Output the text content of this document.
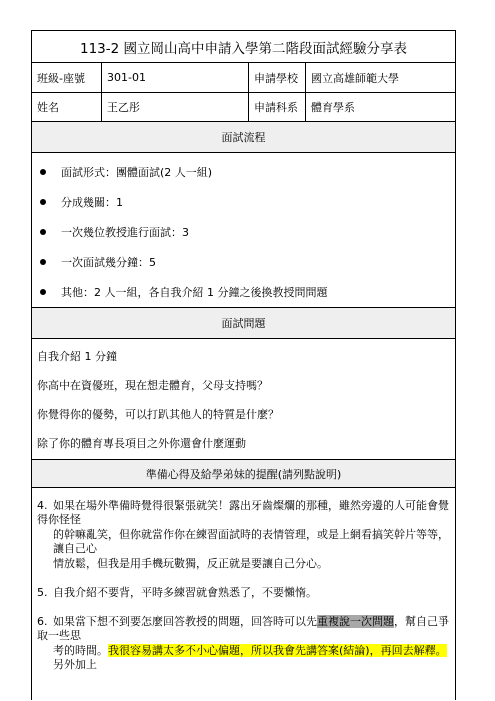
113-2 國立岡山高中申請入學第二階段面試經驗分享表
班級-座號	301-01	申請學校	國立高雄師範大學
姓名	王乙彤	申請科系	體育學系
面試流程
面試形式：團體面試(2 人一組)
分成幾關：1
一次幾位教授進行面試：3
一次面試幾分鐘：5
其他：2 人一組，各自我介紹 1 分鐘之後換教授問問題
面試問題
自我介紹 1 分鐘
你高中在資優班，現在想走體育，父母支持嗎？
你覺得你的優勢，可以打趴其他人的特質是什麼？
除了你的體育專長項目之外你還會什麼運動
準備心得及給學弟妹的提醒(請列點說明)
4. 如果在場外準備時覺得很緊張就笑！露出牙齒燦爛的那種，雖然旁邊的人可能會覺得你怪怪
的幹嘛亂笑，但你就當作你在練習面試時的表情管理，或是上網看搞笑幹片等等，讓自己心
情放鬆，但我是用手機玩數獨，反正就是要讓自己分心。
5. 自我介紹不要背，平時多練習就會熟悉了，不要懶惰。
6. 如果當下想不到要怎麼回答教授的問題，回答時可以先重複說一次問題，幫自己爭取一些思
考的時間。我很容易講太多不小心偏題，所以我會先講答案(結論)，再回去解釋。另外加上
